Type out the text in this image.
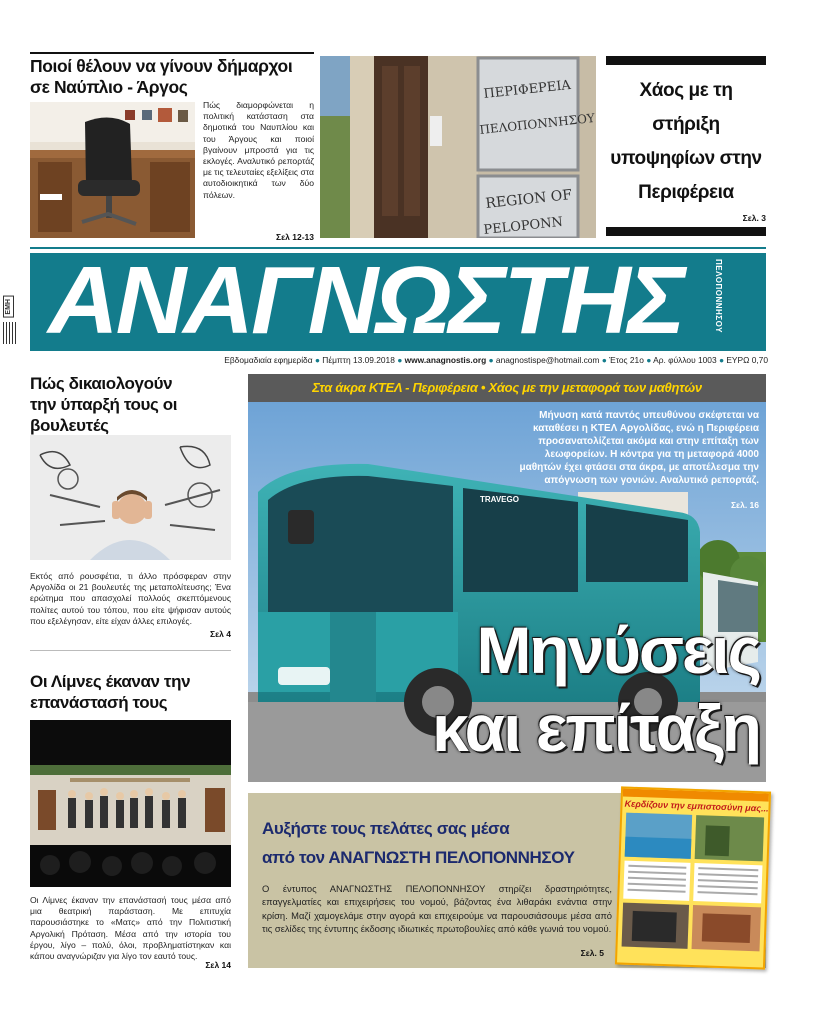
Ποιοί θέλουν να γίνουν δήμαρχοι σε Ναύπλιο - Άργος
Πώς διαμορφώνεται η πολιτική κατάσταση στα δημοτικά του Ναυπλίου και του Άργους και ποιοί βγαίνουν μπροστά για τις εκλογές. Αναλυτικό ρεπορτάζ με τις τελευταίες εξελίξεις στα αυτοδιοικητικά των δύο πόλεων.
Σελ 12-13
ΠΕΡΙΦΕΡΕΙΑ
ΠΕΛΟΠΟΝΝΗΣΟΥ
REGION OF
PELOPONN
Χάος με τη στήριξη υποψηφίων στην Περιφέρεια
Σελ. 3
ΑΝΑΓΝΩΣΤΗΣ	ΠΕΛΟΠΟΝΝΗΣΟΥ
ΕΜΗ
Εβδομαδιαία εφημερίδα ● Πέμπτη 13.09.2018 ● www.anagnostis.org ● anagnostispe@hotmail.com ● Έτος 21ο ● Αρ. φύλλου 1003 ● ΕΥΡΩ 0,70
Πώς δικαιολογούν την ύπαρξή τους οι βουλευτές
Εκτός από ρουσφέτια, τι άλλο πρόσφεραν στην Αργολίδα οι 21 βουλευτές της μεταπολίτευσης; Ένα ερώτημα που απασχολεί πολλούς σκεπτόμενους πολίτες αυτού του τόπου, που είτε ψήφισαν αυτούς που εξελέγησαν, είτε είχαν άλλες επιλογές.
Σελ 4
Οι Λίμνες έκαναν την επανάστασή τους
Οι Λίμνες έκαναν την επανάστασή τους μέσα από μια θεατρική παράσταση. Με επιτυχία παρουσιάστηκε το «Ματς» από την Πολιτιστική Αργολική Πρόταση. Μέσα από την ιστορία του έργου, λίγο – πολύ, όλοι, προβληματίστηκαν και κάπου αναγνώριζαν για λίγο τον εαυτό τους.
Σελ 14
Στα άκρα ΚΤΕΛ - Περιφέρεια • Χάος με την μεταφορά των μαθητών
TRAVEGO
Μήνυση κατά παντός υπευθύνου σκέφτεται να καταθέσει η ΚΤΕΛ Αργολίδας, ενώ η Περιφέρεια προσανατολίζεται ακόμα και στην επίταξη των λεωφορείων. Η κόντρα για τη μεταφορά 4000 μαθητών έχει φτάσει στα άκρα, με αποτέλεσμα την απόγνωση των γονιών. Αναλυτικό ρεπορτάζ.
Σελ. 16
Μηνύσεις
και επίταξη
Αυξήστε τους πελάτες σας μέσα
από τον ΑΝΑΓΝΩΣΤΗ ΠΕΛΟΠΟΝΝΗΣΟΥ
Ο έντυπος ΑΝΑΓΝΩΣΤΗΣ ΠΕΛΟΠΟΝΝΗΣΟΥ στηρίζει δραστηριότητες, επαγγελματίες και επιχειρήσεις του νομού, βάζοντας ένα λιθαράκι ενάντια στην κρίση. Μαζί χαμογελάμε στην αγορά και επιχειρούμε να παρουσιάσουμε μέσα από τις σελίδες της έντυπης έκδοσης ιδιωτικές πρωτοβουλίες από κάθε γωνιά του νομού.
Σελ. 5
Κερδίζουν την εμπιστοσύνη μας...
